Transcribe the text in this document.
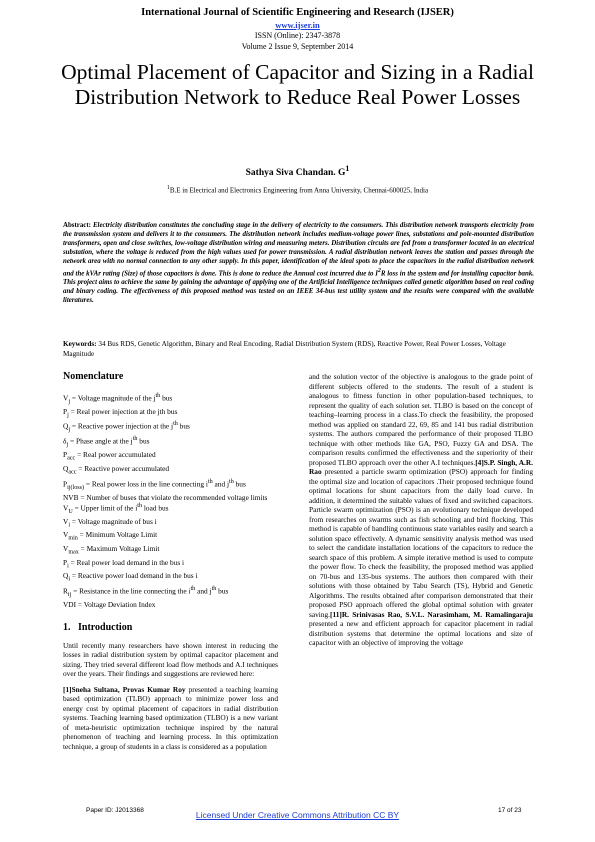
International Journal of Scientific Engineering and Research (IJSER)
www.ijser.in
ISSN (Online): 2347-3878
Volume 2 Issue 9, September 2014
Optimal Placement of Capacitor and Sizing in a Radial Distribution Network to Reduce Real Power Losses
Sathya Siva Chandan. $G^1$
$^1$B.E in Electrical and Electronics Engineering from Anna University, Chennai-600025, India
Abstract: Electricity distribution constitutes the concluding stage in the delivery of electricity to the consumers. This distribution network transports electricity from the transmission system and delivers it to the consumers. The distribution network includes medium-voltage power lines, substations and pole-mounted distribution transformers, open and close switches, low-voltage distribution wiring and measuring meters. Distribution circuits are fed from a transformer located in an electrical substation, where the voltage is reduced from the high values used for power transmission. A radial distribution network leaves the station and passes through the network area with no normal connection to any other supply. In this paper, identification of the ideal spots to place the capacitors in the radial distribution network and the kVAr rating (Size) of those capacitors is done. This is done to reduce the Annual cost incurred due to $I^2R$ loss in the system and for installing capacitor bank. This project aims to achieve the same by gaining the advantage of applying one of the Artificial Intelligence techniques called genetic algorithm based on real coding and binary coding. The effectiveness of this proposed method was tested on an IEEE 34-bus test utility system and the results were compared with the available literatures.
Keywords: 34 Bus RDS, Genetic Algorithm, Binary and Real Encoding, Radial Distribution System (RDS), Reactive Power, Real Power Losses, Voltage Magnitude
Nomenclature
$V_j$ = Voltage magnitude of the $j^{th}$ bus
$P_j$ = Real power injection at the jth bus
$Q_j$ = Reactive power injection at the $j^{th}$ bus
$\delta_j$ = Phase angle at the $j^{th}$ bus
$P_{acc}$ = Real power accumulated
$Q_{acc}$ = Reactive power accumulated
$P_{ij(loss)}$ = Real power loss in the line connecting $i^{th}$ and $j^{th}$ bus
NVB = Number of buses that violate the recommended voltage limits
$V_U$ = Upper limit of the $i^{th}$ load bus
$V_i$ = Voltage magnitude of bus i
$V_{min}$ = Minimum Voltage Limit
$V_{max}$ = Maximum Voltage Limit
$P_i$ = Real power load demand in the bus i
$Q_i$ = Reactive power load demand in the bus i
$R_{ij}$ = Resistance in the line connecting the $i^{th}$ and $j^{th}$ bus
VDI = Voltage Deviation Index
1.   Introduction
Until recently many researchers have shown interest in reducing the losses in radial distribution system by optimal capacitor placement and sizing. They tried several different load flow methods and A.I techniques over the years. Their findings and suggestions are reviewed here:
[1]Sneha Sultana, Provas Kumar Roy presented a teaching learning based optimization (TLBO) approach to minimize power loss and energy cost by optimal placement of capacitors in radial distribution systems. Teaching learning based optimization (TLBO) is a new variant of meta-heuristic optimization technique inspired by the natural phenomenon of teaching and learning process. In this optimization technique, a group of students in a class is considered as a population
and the solution vector of the objective is analogous to the grade point of different subjects offered to the students. The result of a student is analogous to fitness function in other population-based techniques, to represent the quality of each solution set. TLBO is based on the concept of teaching–learning process in a class.To check the feasibility, the proposed method was applied on standard 22, 69, 85 and 141 bus radial distribution systems. The authors compared the performance of their proposed TLBO technique with other methods like GA, PSO, Fuzzy GA and DSA. The comparison results confirmed the effectiveness and the superiority of their proposed TLBO approach over the other A.I techniques.[4]S.P. Singh, A.R. Rao presented a particle swarm optimization (PSO) approach for finding the optimal size and location of capacitors .Their proposed technique found optimal locations for shunt capacitors from the daily load curve. In addition, it determined the suitable values of fixed and switched capacitors. Particle swarm optimization (PSO) is an evolutionary technique developed from researches on swarms such as fish schooling and bird flocking. This method is capable of handling continuous state variables easily and search a solution space effectively. A dynamic sensitivity analysis method was used to select the candidate installation locations of the capacitors to reduce the search space of this problem. A simple iterative method is used to compute the power flow. To check the feasibility, the proposed method was applied on 70-bus and 135-bus systems. The authors then compared with their solutions with those obtained by Tabu Search (TS), Hybrid and Genetic Algorithms. The results obtained after comparison demonstrated that their proposed PSO approach offered the global optimal solution with greater saving.[11]R. Srinivasas Rao, S.V.L. Narasimham, M. Ramalingaraju presented a new and efficient approach for capacitor placement in radial distribution systems that determine the optimal locations and size of capacitor with an objective of improving the voltage
Paper ID: J2013368	Licensed Under Creative Commons Attribution CC BY	17 of 23
